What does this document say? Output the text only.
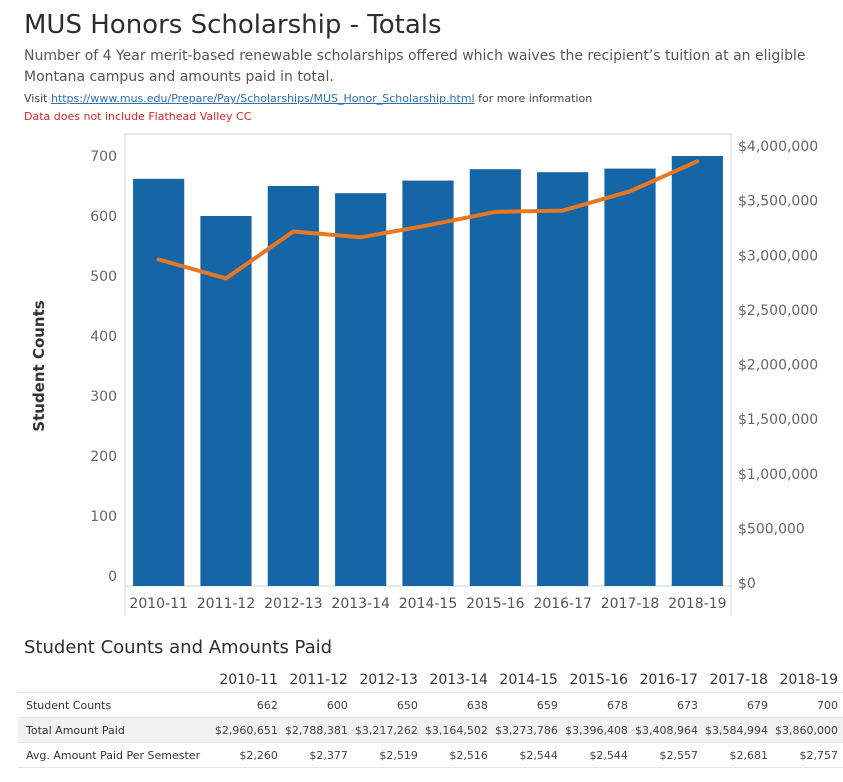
MUS Honors Scholarship - Totals
Number of 4 Year merit-based renewable scholarships offered which waives the recipient’s tuition at an eligible Montana campus and amounts paid in total.
Visit https://www.mus.edu/Prepare/Pay/Scholarships/MUS_Honor_Scholarship.html for more information
Data does not include Flathead Valley CC
0
100
200
300
400
500
600
700
Student Counts
$0
$500,000
$1,000,000
$1,500,000
$2,000,000
$2,500,000
$3,000,000
$3,500,000
$4,000,000
2010-11 2011-12 2012-13 2013-14 2014-15 2015-16 2016-17 2017-18 2018-19
Student Counts and Amounts Paid
	2010-11	2011-12	2012-13	2013-14	2014-15	2015-16	2016-17	2017-18	2018-19
Student Counts	662	600	650	638	659	678	673	679	700
Total Amount Paid	$2,960,651	$2,788,381	$3,217,262	$3,164,502	$3,273,786	$3,396,408	$3,408,964	$3,584,994	$3,860,000
Avg. Amount Paid Per Semester	$2,260	$2,377	$2,519	$2,516	$2,544	$2,544	$2,557	$2,681	$2,757
